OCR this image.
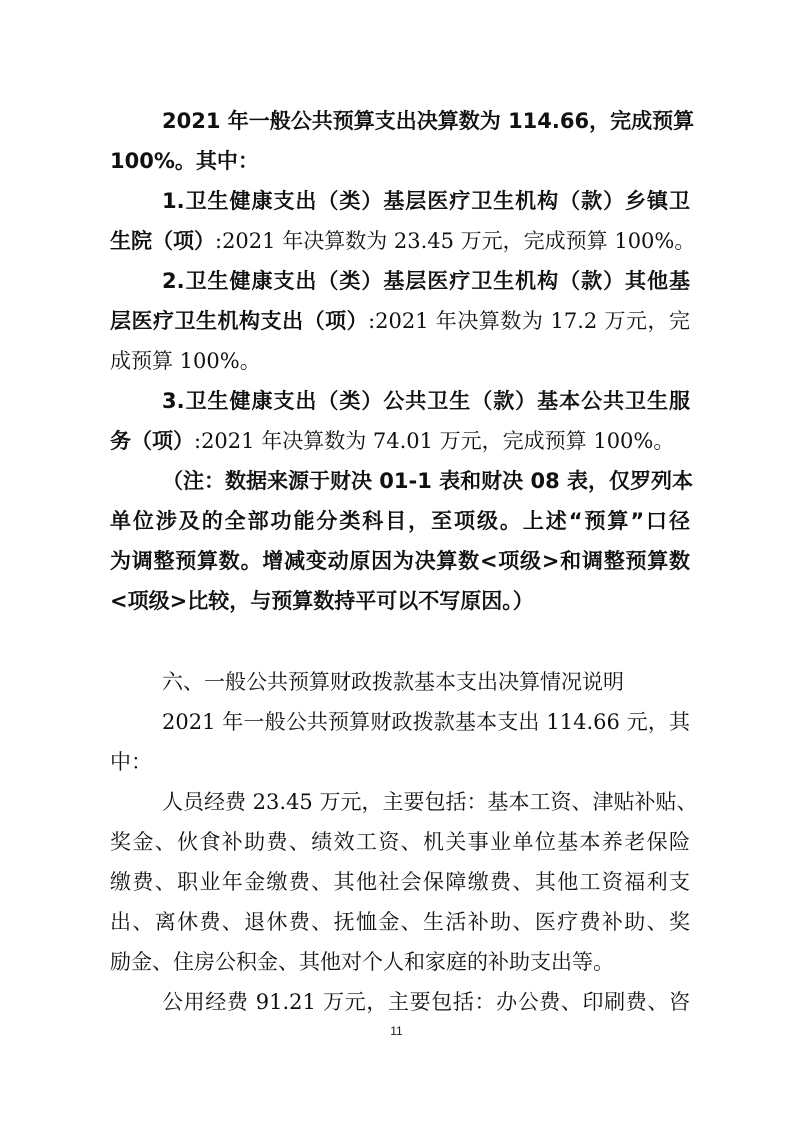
2021 年一般公共预算支出决算数为 114.66，完成预算
100%。其中：
1.卫生健康支出（类）基层医疗卫生机构（款）乡镇卫
生院（项）:2021 年决算数为 23.45 万元，完成预算 100%。
2.卫生健康支出（类）基层医疗卫生机构（款）其他基
层医疗卫生机构支出（项）:2021 年决算数为 17.2 万元，完
成预算 100%。
3.卫生健康支出（类）公共卫生（款）基本公共卫生服
务（项）:2021 年决算数为 74.01 万元，完成预算 100%。
（注：数据来源于财决 01-1 表和财决 08 表，仅罗列本
单位涉及的全部功能分类科目，至项级。上述“预算”口径
为调整预算数。增减变动原因为决算数<项级>和调整预算数
<项级>比较，与预算数持平可以不写原因。）
六、一般公共预算财政拨款基本支出决算情况说明
2021 年一般公共预算财政拨款基本支出 114.66 元，其
中：
人员经费 23.45 万元，主要包括：基本工资、津贴补贴、
奖金、伙食补助费、绩效工资、机关事业单位基本养老保险
缴费、职业年金缴费、其他社会保障缴费、其他工资福利支
出、离休费、退休费、抚恤金、生活补助、医疗费补助、奖
励金、住房公积金、其他对个人和家庭的补助支出等。
公用经费 91.21 万元，主要包括：办公费、印刷费、咨
11
